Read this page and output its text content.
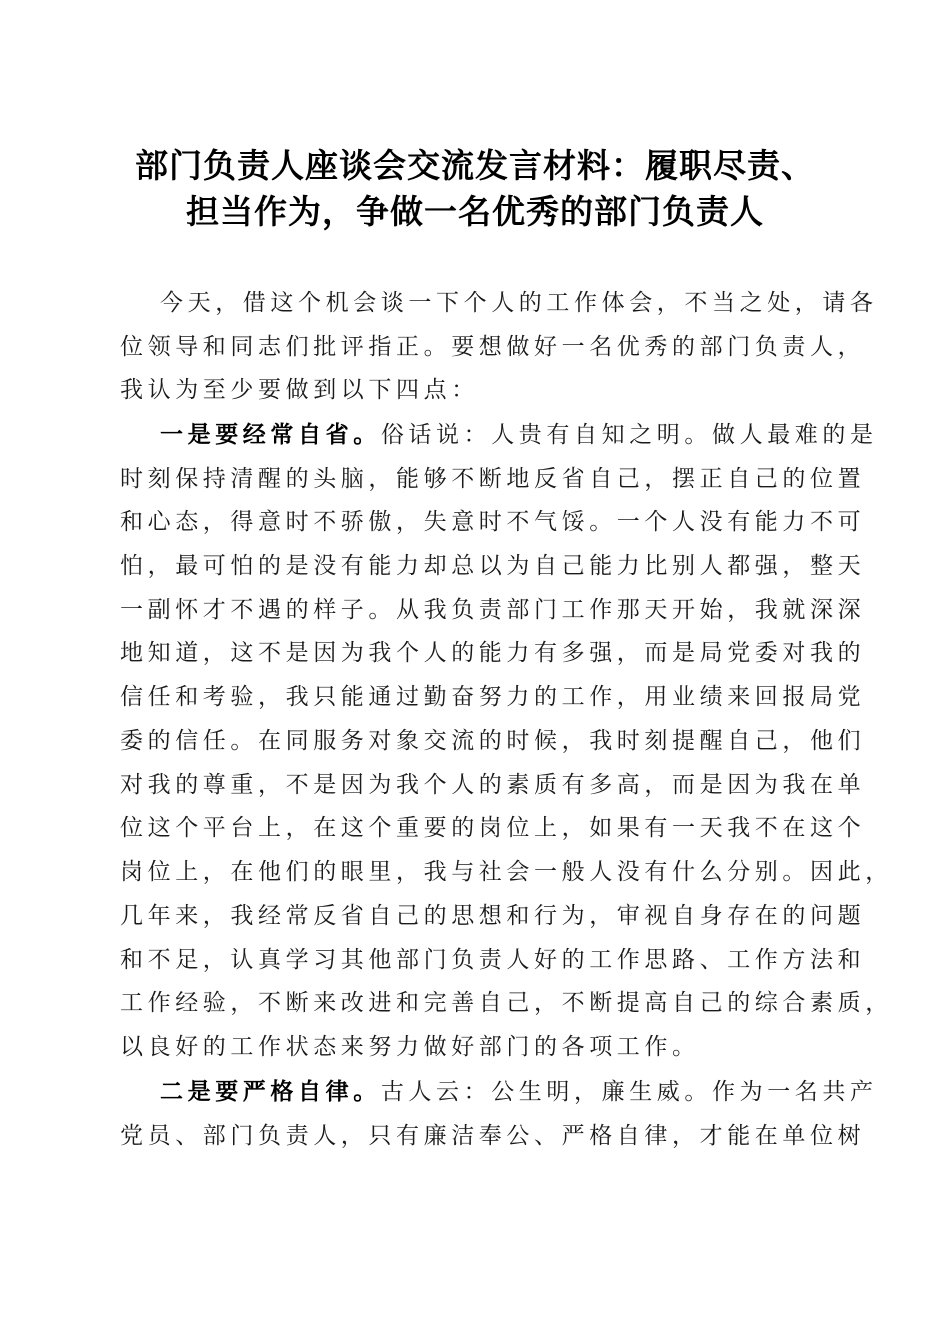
部门负责人座谈会交流发言材料：履职尽责、
担当作为，争做一名优秀的部门负责人
今天，借这个机会谈一下个人的工作体会，不当之处，请各
位领导和同志们批评指正。要想做好一名优秀的部门负责人，
我认为至少要做到以下四点：
一是要经常自省。俗话说：人贵有自知之明。做人最难的是
时刻保持清醒的头脑，能够不断地反省自己，摆正自己的位置
和心态，得意时不骄傲，失意时不气馁。一个人没有能力不可
怕，最可怕的是没有能力却总以为自己能力比别人都强，整天
一副怀才不遇的样子。从我负责部门工作那天开始，我就深深
地知道，这不是因为我个人的能力有多强，而是局党委对我的
信任和考验，我只能通过勤奋努力的工作，用业绩来回报局党
委的信任。在同服务对象交流的时候，我时刻提醒自己，他们
对我的尊重，不是因为我个人的素质有多高，而是因为我在单
位这个平台上，在这个重要的岗位上，如果有一天我不在这个
岗位上，在他们的眼里，我与社会一般人没有什么分别。因此，
几年来，我经常反省自己的思想和行为，审视自身存在的问题
和不足，认真学习其他部门负责人好的工作思路、工作方法和
工作经验，不断来改进和完善自己，不断提高自己的综合素质，
以良好的工作状态来努力做好部门的各项工作。
二是要严格自律。古人云：公生明，廉生威。作为一名共产
党员、部门负责人，只有廉洁奉公、严格自律，才能在单位树
